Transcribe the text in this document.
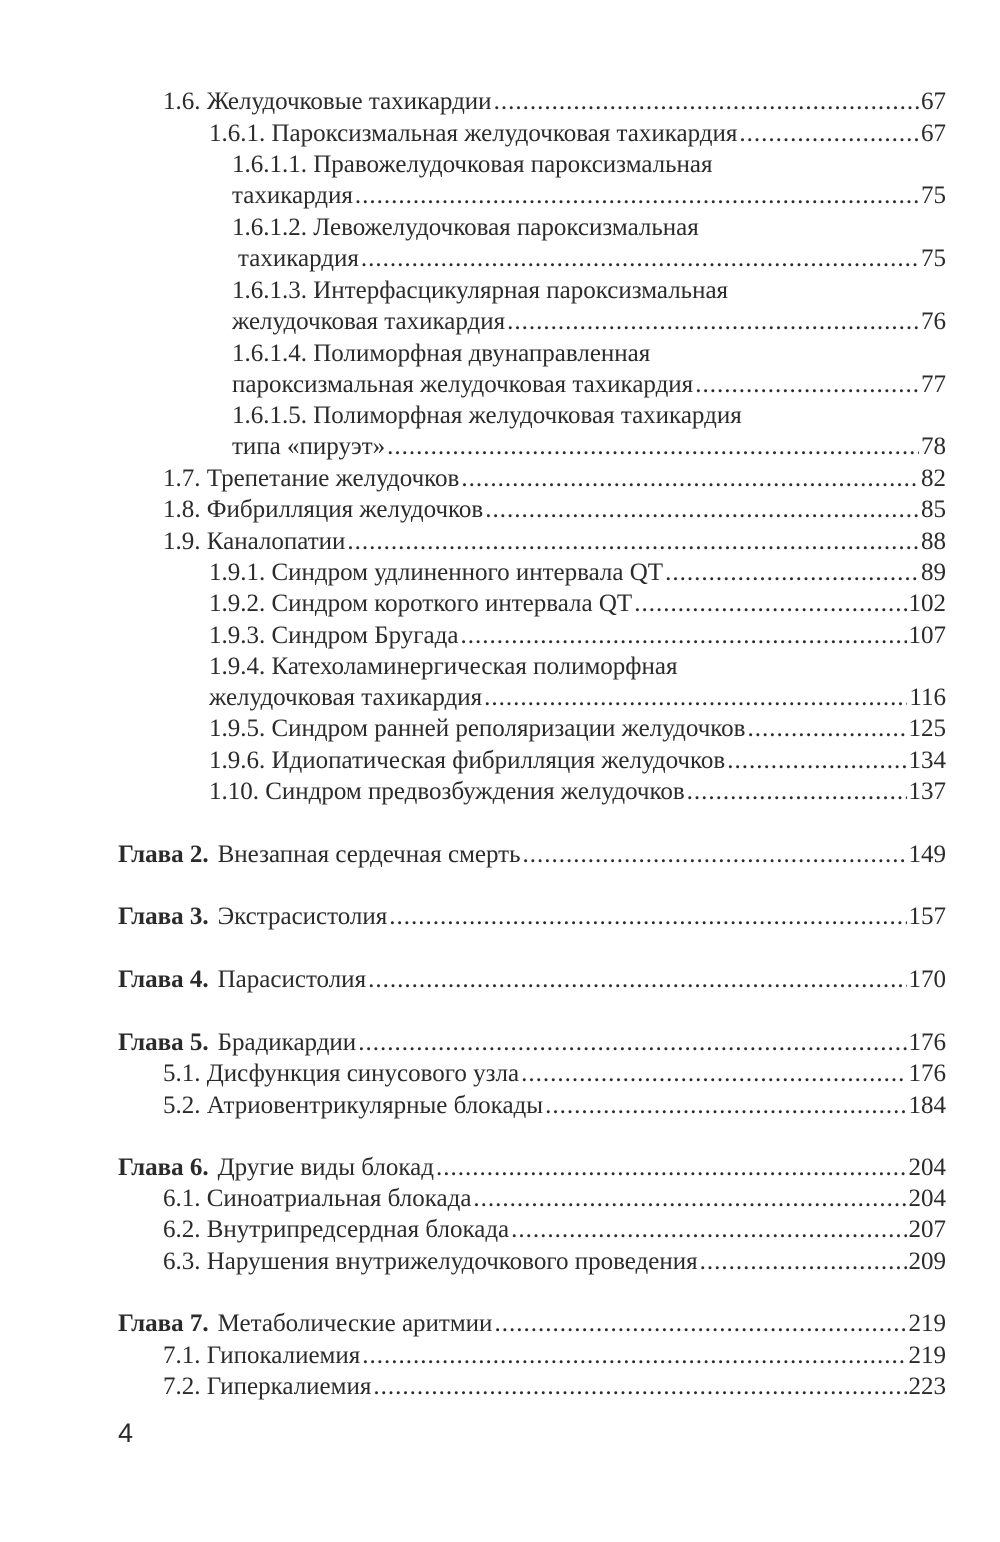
1.6. Желудочковые тахикардии .....	67
1.6.1. Пароксизмальная желудочковая тахикардия .....	67
1.6.1.1. Правожелудочковая пароксизмальная
тахикардия .....	75
1.6.1.2. Левожелудочковая пароксизмальная
тахикардия .....	75
1.6.1.3. Интерфасцикулярная пароксизмальная
желудочковая тахикардия .....	76
1.6.1.4. Полиморфная двунаправленная
пароксизмальная желудочковая тахикардия .....	77
1.6.1.5. Полиморфная желудочковая тахикардия
типа «пируэт» .....	78
1.7. Трепетание желудочков .....	82
1.8. Фибрилляция желудочков .....	85
1.9. Каналопатии .....	88
1.9.1. Синдром удлиненного интервала QT .....	89
1.9.2. Синдром короткого интервала QT .....	102
1.9.3. Синдром Бругада .....	107
1.9.4. Катехоламинергическая полиморфная
желудочковая тахикардия .....	116
1.9.5. Синдром ранней реполяризации желудочков .....	125
1.9.6. Идиопатическая фибрилляция желудочков .....	134
1.10. Синдром предвозбуждения желудочков .....	137
Глава 2. Внезапная сердечная смерть .....	149
Глава 3. Экстрасистолия .....	157
Глава 4. Парасистолия .....	170
Глава 5. Брадикардии .....	176
5.1. Дисфункция синусового узла .....	176
5.2. Атриовентрикулярные блокады .....	184
Глава 6. Другие виды блокад .....	204
6.1. Синоатриальная блокада .....	204
6.2. Внутрипредсердная блокада .....	207
6.3. Нарушения внутрижелудочкового проведения .....	209
Глава 7. Метаболические аритмии .....	219
7.1. Гипокалиемия .....	219
7.2. Гиперкалиемия .....	223
4
